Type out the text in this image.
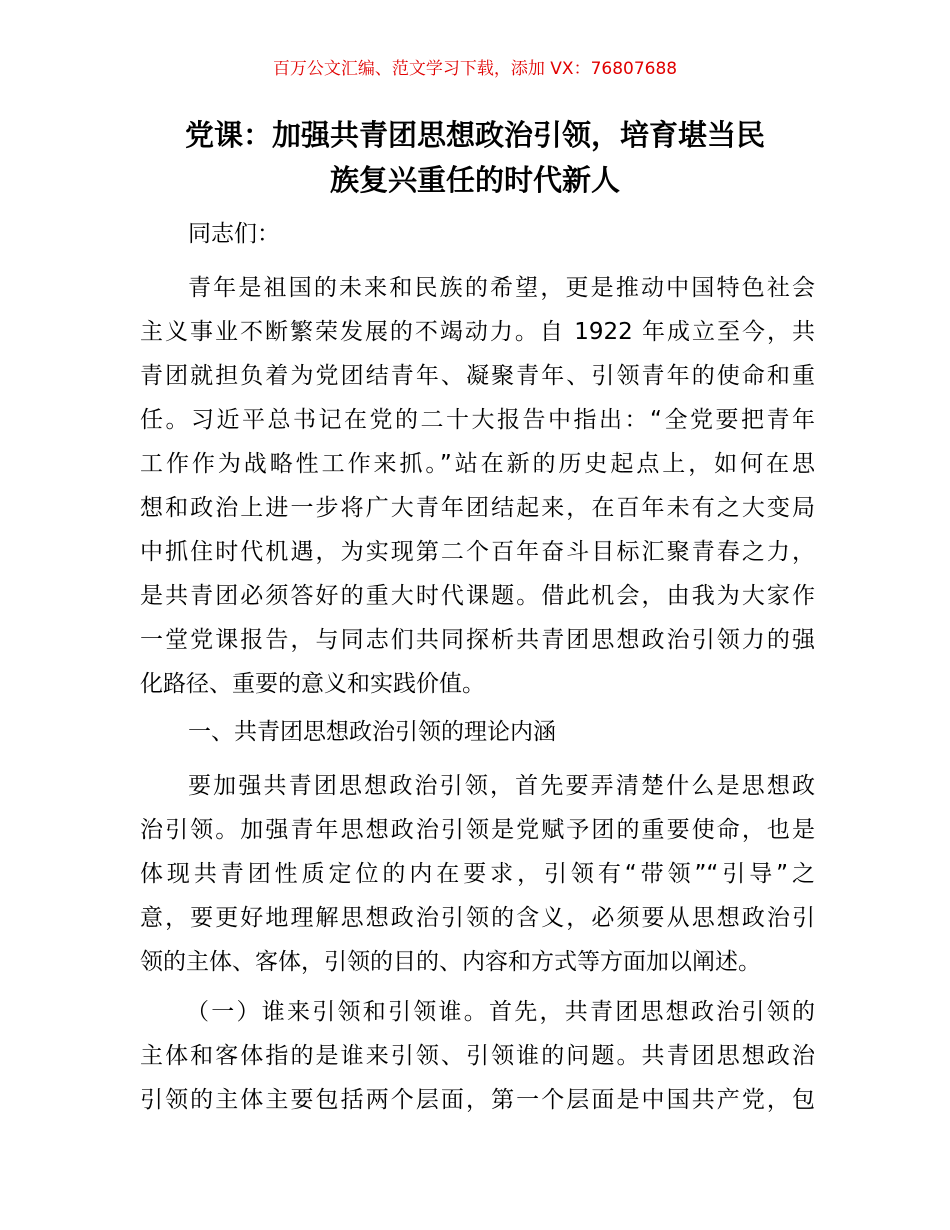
百万公文汇编、范文学习下载，添加 VX：76807688
党课：加强共青团思想政治引领，培育堪当民
族复兴重任的时代新人

同志们：

青年是祖国的未来和民族的希望，更是推动中国特色社会
主义事业不断繁荣发展的不竭动力。自 1922 年成立至今，共
青团就担负着为党团结青年、凝聚青年、引领青年的使命和重
任。习近平总书记在党的二十大报告中指出：“全党要把青年
工作作为战略性工作来抓。”站在新的历史起点上，如何在思
想和政治上进一步将广大青年团结起来，在百年未有之大变局
中抓住时代机遇，为实现第二个百年奋斗目标汇聚青春之力，
是共青团必须答好的重大时代课题。借此机会，由我为大家作
一堂党课报告，与同志们共同探析共青团思想政治引领力的强
化路径、重要的意义和实践价值。

一、共青团思想政治引领的理论内涵

要加强共青团思想政治引领，首先要弄清楚什么是思想政
治引领。加强青年思想政治引领是党赋予团的重要使命，也是
体现共青团性质定位的内在要求，引领有“带领”“引导”之
意，要更好地理解思想政治引领的含义，必须要从思想政治引
领的主体、客体，引领的目的、内容和方式等方面加以阐述。

（一）谁来引领和引领谁。首先，共青团思想政治引领的
主体和客体指的是谁来引领、引领谁的问题。共青团思想政治
引领的主体主要包括两个层面，第一个层面是中国共产党，包
